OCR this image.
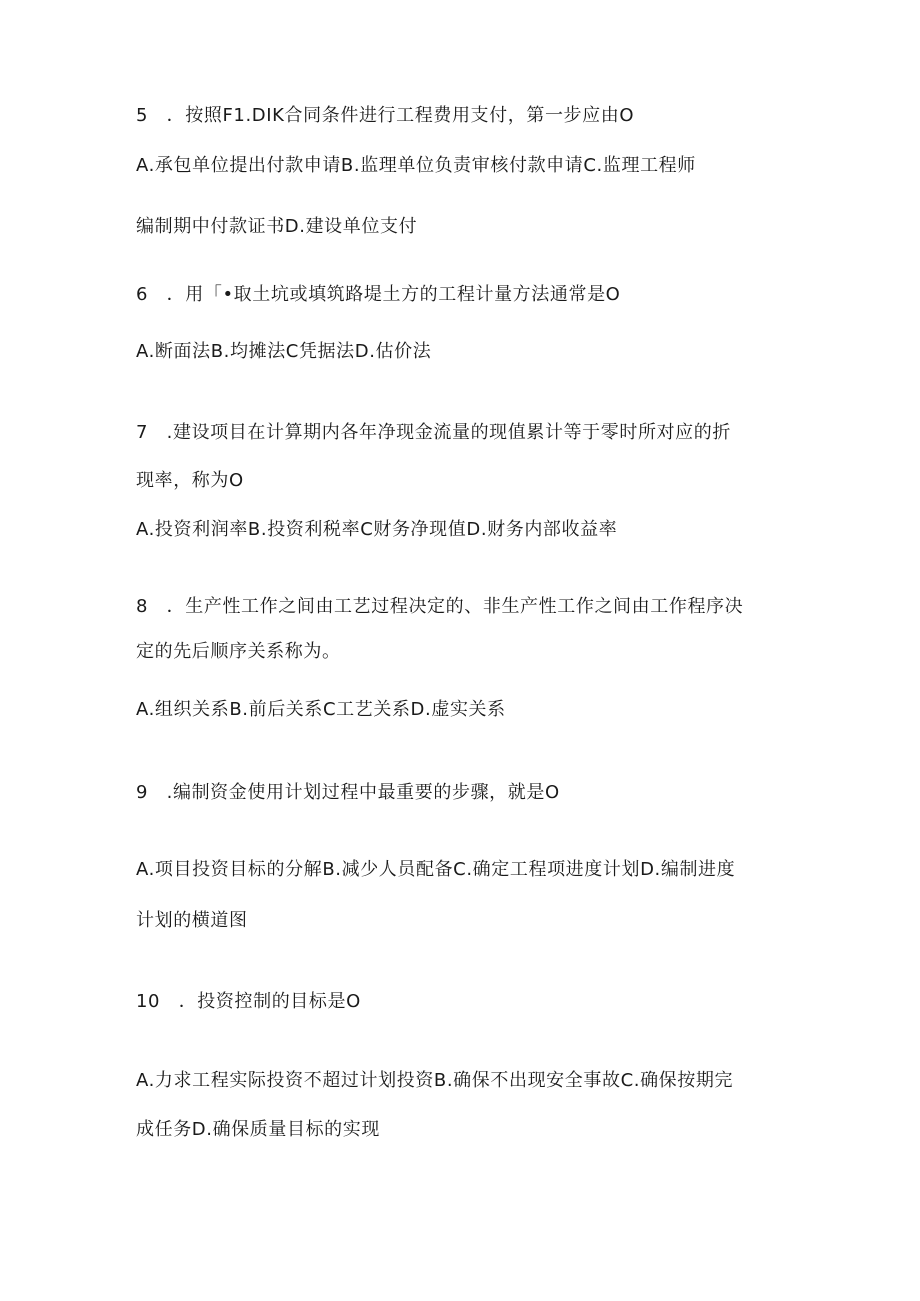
5　．按照F1.DIK合同条件进行工程费用支付，第一步应由O
A.承包单位提出付款申请B.监理单位负责审核付款申请C.监理工程师
编制期中付款证书D.建设单位支付
6　．用「•取土坑或填筑路堤土方的工程计量方法通常是O
A.断面法B.均摊法C凭据法D.估价法
7　.建设项目在计算期内各年净现金流量的现值累计等于零时所对应的折
现率，称为O
A.投资利润率B.投资利税率C财务净现值D.财务内部收益率
8　．生产性工作之间由工艺过程决定的、非生产性工作之间由工作程序决
定的先后顺序关系称为。
A.组织关系B.前后关系C工艺关系D.虚实关系
9　.编制资金使用计划过程中最重要的步骤，就是O
A.项目投资目标的分解B.减少人员配备C.确定工程项进度计划D.编制进度
计划的横道图
10　．投资控制的目标是O
A.力求工程实际投资不超过计划投资B.确保不出现安全事故C.确保按期完
成任务D.确保质量目标的实现
